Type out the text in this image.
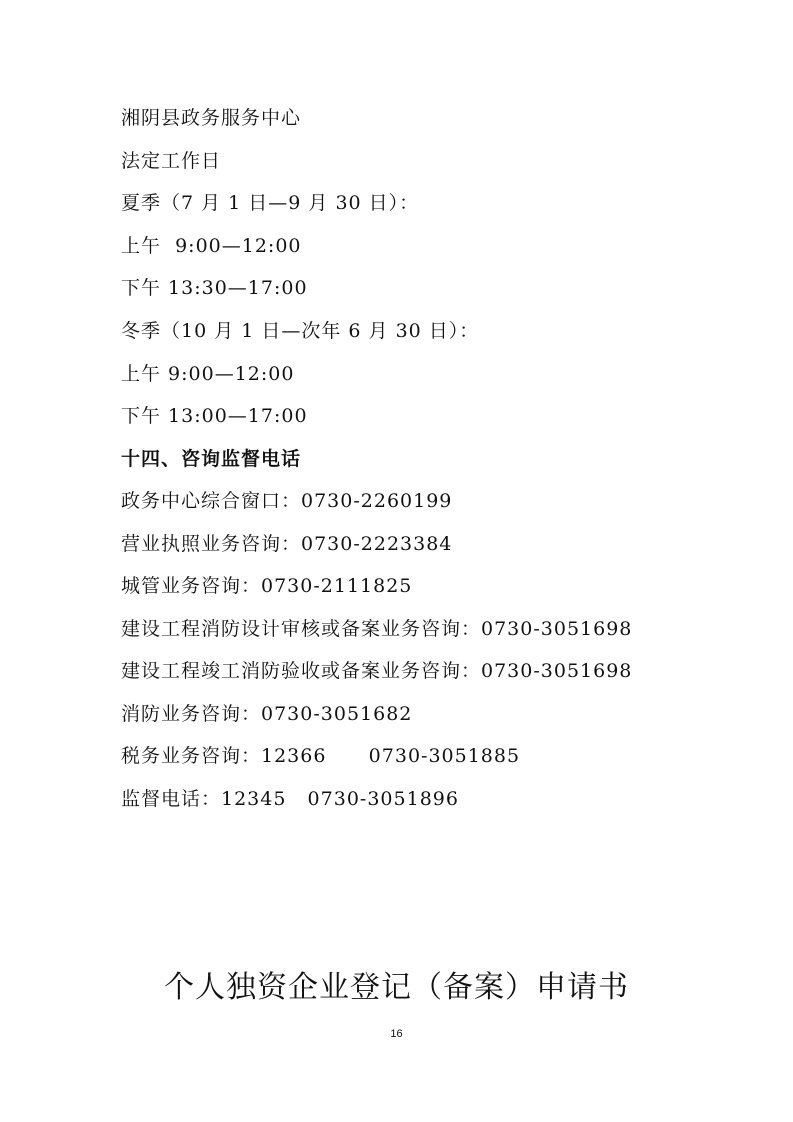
湘阴县政务服务中心
法定工作日
夏季（7 月 1 日—9 月 30 日）：
上午  9:00—12:00
下午 13:30—17:00
冬季（10 月 1 日—次年 6 月 30 日）：
上午 9:00—12:00
下午 13:00—17:00
十四、咨询监督电话
政务中心综合窗口：0730-2260199
营业执照业务咨询：0730-2223384
城管业务咨询：0730-2111825
建设工程消防设计审核或备案业务咨询：0730-3051698
建设工程竣工消防验收或备案业务咨询：0730-3051698
消防业务咨询：0730-3051682
税务业务咨询：12366      0730-3051885
监督电话：12345   0730-3051896
个人独资企业登记（备案）申请书
16
